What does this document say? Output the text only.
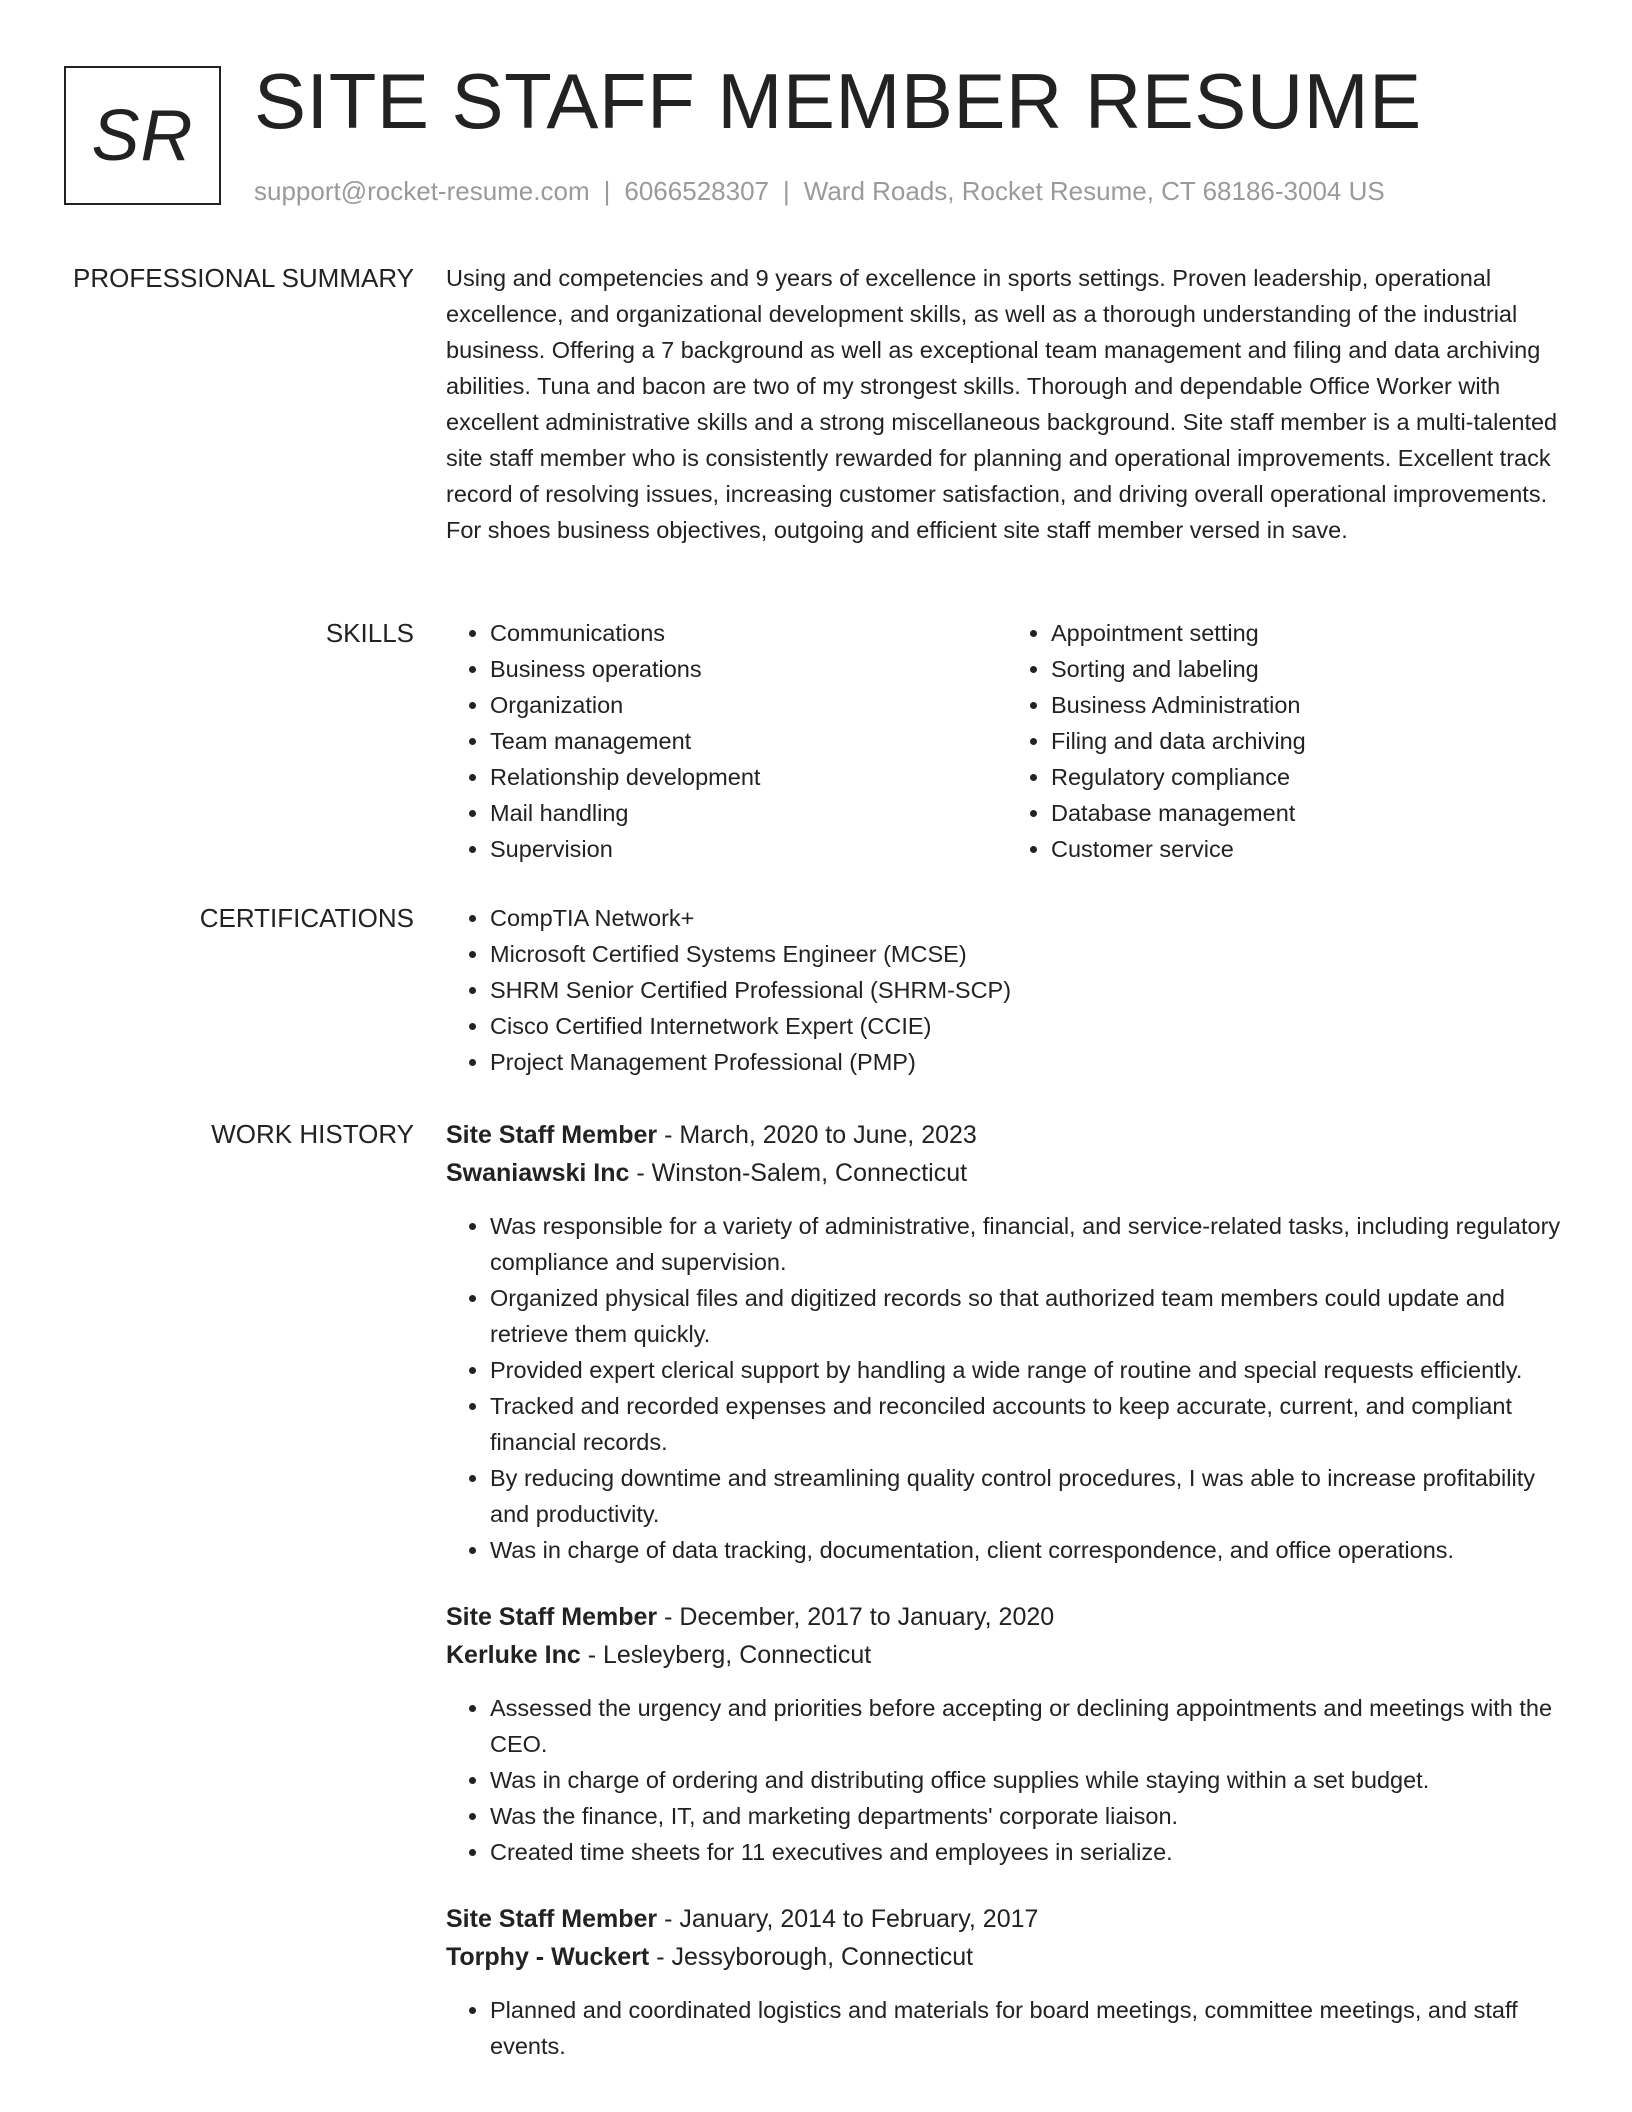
SR SITE STAFF MEMBER RESUME
support@rocket-resume.com | 6066528307 | Ward Roads, Rocket Resume, CT 68186-3004 US
PROFESSIONAL SUMMARY Using and competencies and 9 years of excellence in sports settings. Proven leadership, operational excellence, and organizational development skills, as well as a thorough understanding of the industrial business. Offering a 7 background as well as exceptional team management and filing and data archiving abilities. Tuna and bacon are two of my strongest skills. Thorough and dependable Office Worker with excellent administrative skills and a strong miscellaneous background. Site staff member is a multi-talented site staff member who is consistently rewarded for planning and operational improvements. Excellent track record of resolving issues, increasing customer satisfaction, and driving overall operational improvements. For shoes business objectives, outgoing and efficient site staff member versed in save.

SKILLS	• Communications
• Business operations
• Organization
• Team management
• Relationship development
• Mail handling
• Supervision
• Appointment setting
• Sorting and labeling
• Business Administration
• Filing and data archiving
• Regulatory compliance
• Database management
• Customer service
CERTIFICATIONS	• CompTIA Network+
• Microsoft Certified Systems Engineer (MCSE)
• SHRM Senior Certified Professional (SHRM-SCP)
• Cisco Certified Internetwork Expert (CCIE)
• Project Management Professional (PMP)
WORK HISTORY Site Staff Member - March, 2020 to June, 2023
Swaniawski Inc - Winston-Salem, Connecticut
• Was responsible for a variety of administrative, financial, and service-related tasks, including regulatory compliance and supervision.
• Organized physical files and digitized records so that authorized team members could update and retrieve them quickly.
• Provided expert clerical support by handling a wide range of routine and special requests efficiently.
• Tracked and recorded expenses and reconciled accounts to keep accurate, current, and compliant financial records.
• By reducing downtime and streamlining quality control procedures, I was able to increase profitability and productivity.
• Was in charge of data tracking, documentation, client correspondence, and office operations.
Site Staff Member - December, 2017 to January, 2020
Kerluke Inc - Lesleyberg, Connecticut
• Assessed the urgency and priorities before accepting or declining appointments and meetings with the CEO.
• Was in charge of ordering and distributing office supplies while staying within a set budget.
• Was the finance, IT, and marketing departments' corporate liaison.
• Created time sheets for 11 executives and employees in serialize.
Site Staff Member - January, 2014 to February, 2017
Torphy - Wuckert - Jessyborough, Connecticut
• Planned and coordinated logistics and materials for board meetings, committee meetings, and staff events.
